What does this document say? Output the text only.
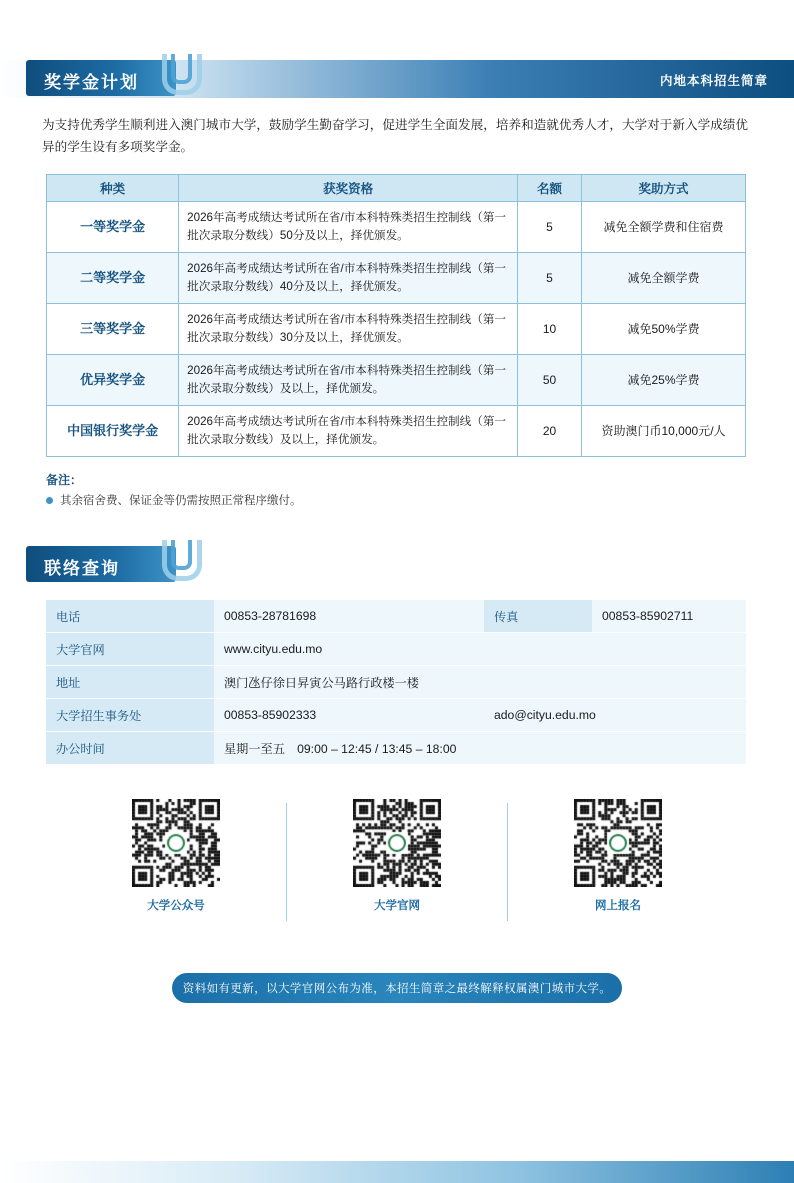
内地本科招生简章
奖学金计划
为支持优秀学生顺利进入澳门城市大学，鼓励学生勤奋学习，促进学生全面发展，培养和造就优秀人才，大学对于新入学成绩优异的学生设有多项奖学金。
种类	获奖资格	名额	奖助方式
一等奖学金	2026年高考成绩达考试所在省/市本科特殊类招生控制线（第一批次录取分数线）50分及以上，择优颁发。	5	减免全额学费和住宿费
二等奖学金	2026年高考成绩达考试所在省/市本科特殊类招生控制线（第一批次录取分数线）40分及以上，择优颁发。	5	减免全额学费
三等奖学金	2026年高考成绩达考试所在省/市本科特殊类招生控制线（第一批次录取分数线）30分及以上，择优颁发。	10	减免50%学费
优异奖学金	2026年高考成绩达考试所在省/市本科特殊类招生控制线（第一批次录取分数线）及以上，择优颁发。	50	减免25%学费
中国银行奖学金	2026年高考成绩达考试所在省/市本科特殊类招生控制线（第一批次录取分数线）及以上，择优颁发。	20	资助澳门币10,000元/人
备注：
其余宿舍费、保证金等仍需按照正常程序缴付。
联络查询
电话	00853-28781698	传真	00853-85902711
大学官网	www.cityu.edu.mo		
地址	澳门氹仔徐日昇寅公马路行政楼一楼		
大学招生事务处	00853-85902333	ado@cityu.edu.mo	
办公时间	星期一至五　09:00 – 12:45 / 13:45 – 18:00		
大学公众号	大学官网	网上报名
资料如有更新，以大学官网公布为准，本招生简章之最终解释权属澳门城市大学。
